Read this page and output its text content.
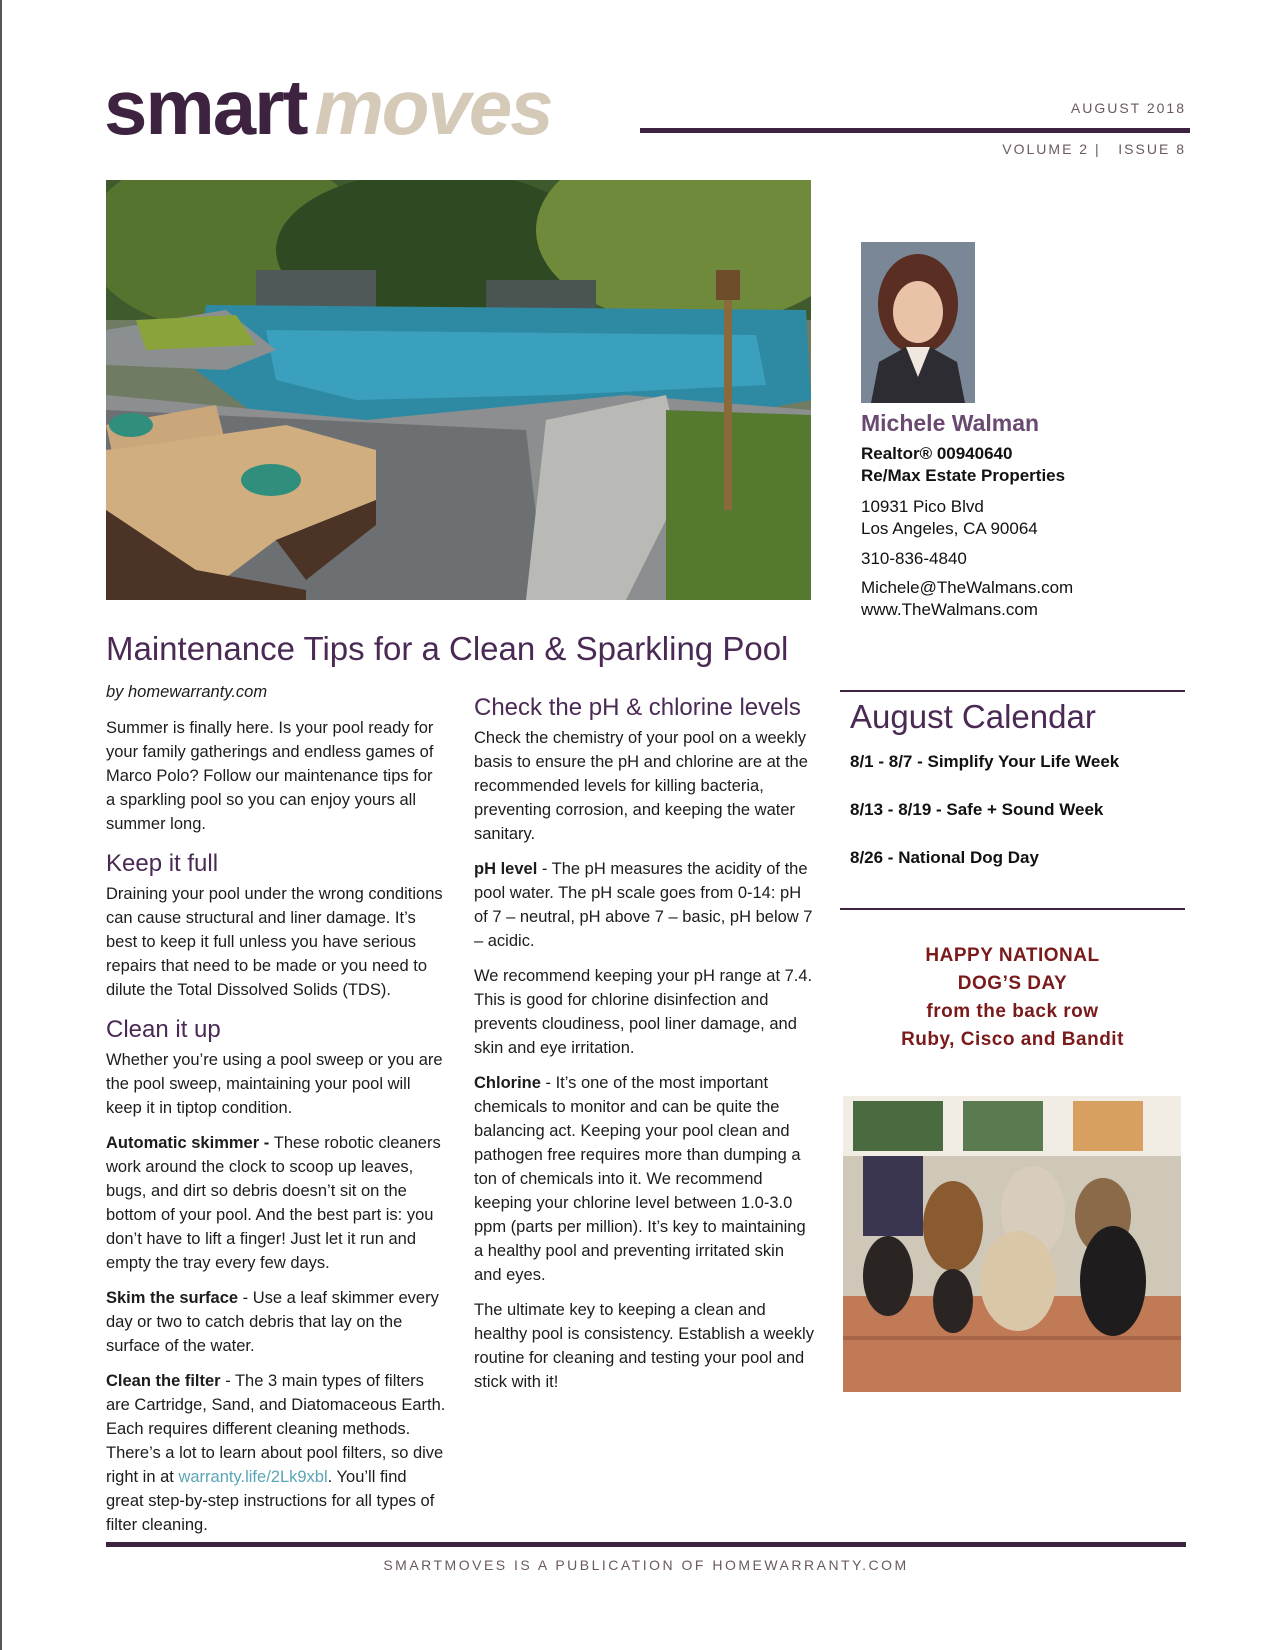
smart moves	AUGUST 2018
VOLUME 2 |   ISSUE 8
Michele Walman
Realtor® 00940640
Re/Max Estate Properties
10931 Pico Blvd
Los Angeles, CA 90064
310-836-4840
Michele@TheWalmans.com
www.TheWalmans.com
Maintenance Tips for a Clean & Sparkling Pool

by homewarranty.com

Summer is finally here. Is your pool ready for your family gatherings and endless games of Marco Polo? Follow our maintenance tips for a sparkling pool so you can enjoy yours all summer long.

Keep it full

Draining your pool under the wrong conditions can cause structural and liner damage. It’s best to keep it full unless you have serious repairs that need to be made or you need to dilute the Total Dissolved Solids (TDS).

Clean it up

Whether you’re using a pool sweep or you are the pool sweep, maintaining your pool will keep it in tiptop condition.

Automatic skimmer - These robotic cleaners work around the clock to scoop up leaves, bugs, and dirt so debris doesn’t sit on the bottom of your pool. And the best part is: you don’t have to lift a finger! Just let it run and empty the tray every few days.

Skim the surface - Use a leaf skimmer every day or two to catch debris that lay on the surface of the water.

Clean the filter - The 3 main types of filters are Cartridge, Sand, and Diatomaceous Earth. Each requires different cleaning methods. There’s a lot to learn about pool filters, so dive right in at warranty.life/2Lk9xbl. You’ll find great step-by-step instructions for all types of filter cleaning.

Check the pH & chlorine levels

Check the chemistry of your pool on a weekly basis to ensure the pH and chlorine are at the recommended levels for killing bacteria, preventing corrosion, and keeping the water sanitary.

pH level - The pH measures the acidity of the pool water. The pH scale goes from 0-14: pH of 7 – neutral, pH above 7 – basic, pH below 7 – acidic.

We recommend keeping your pH range at 7.4. This is good for chlorine disinfection and prevents cloudiness, pool liner damage, and skin and eye irritation.

Chlorine - It’s one of the most important chemicals to monitor and can be quite the balancing act. Keeping your pool clean and pathogen free requires more than dumping a ton of chemicals into it. We recommend keeping your chlorine level between 1.0-3.0 ppm (parts per million). It’s key to maintaining a healthy pool and preventing irritated skin and eyes.

The ultimate key to keeping a clean and healthy pool is consistency. Establish a weekly routine for cleaning and testing your pool and stick with it!

August Calendar
8/1 - 8/7 - Simplify Your Life Week
8/13 - 8/19 - Safe + Sound Week
8/26 - National Dog Day
HAPPY NATIONAL
DOG’S DAY
from the back row
Ruby, Cisco and Bandit
SMARTMOVES IS A PUBLICATION OF HOMEWARRANTY.COM
